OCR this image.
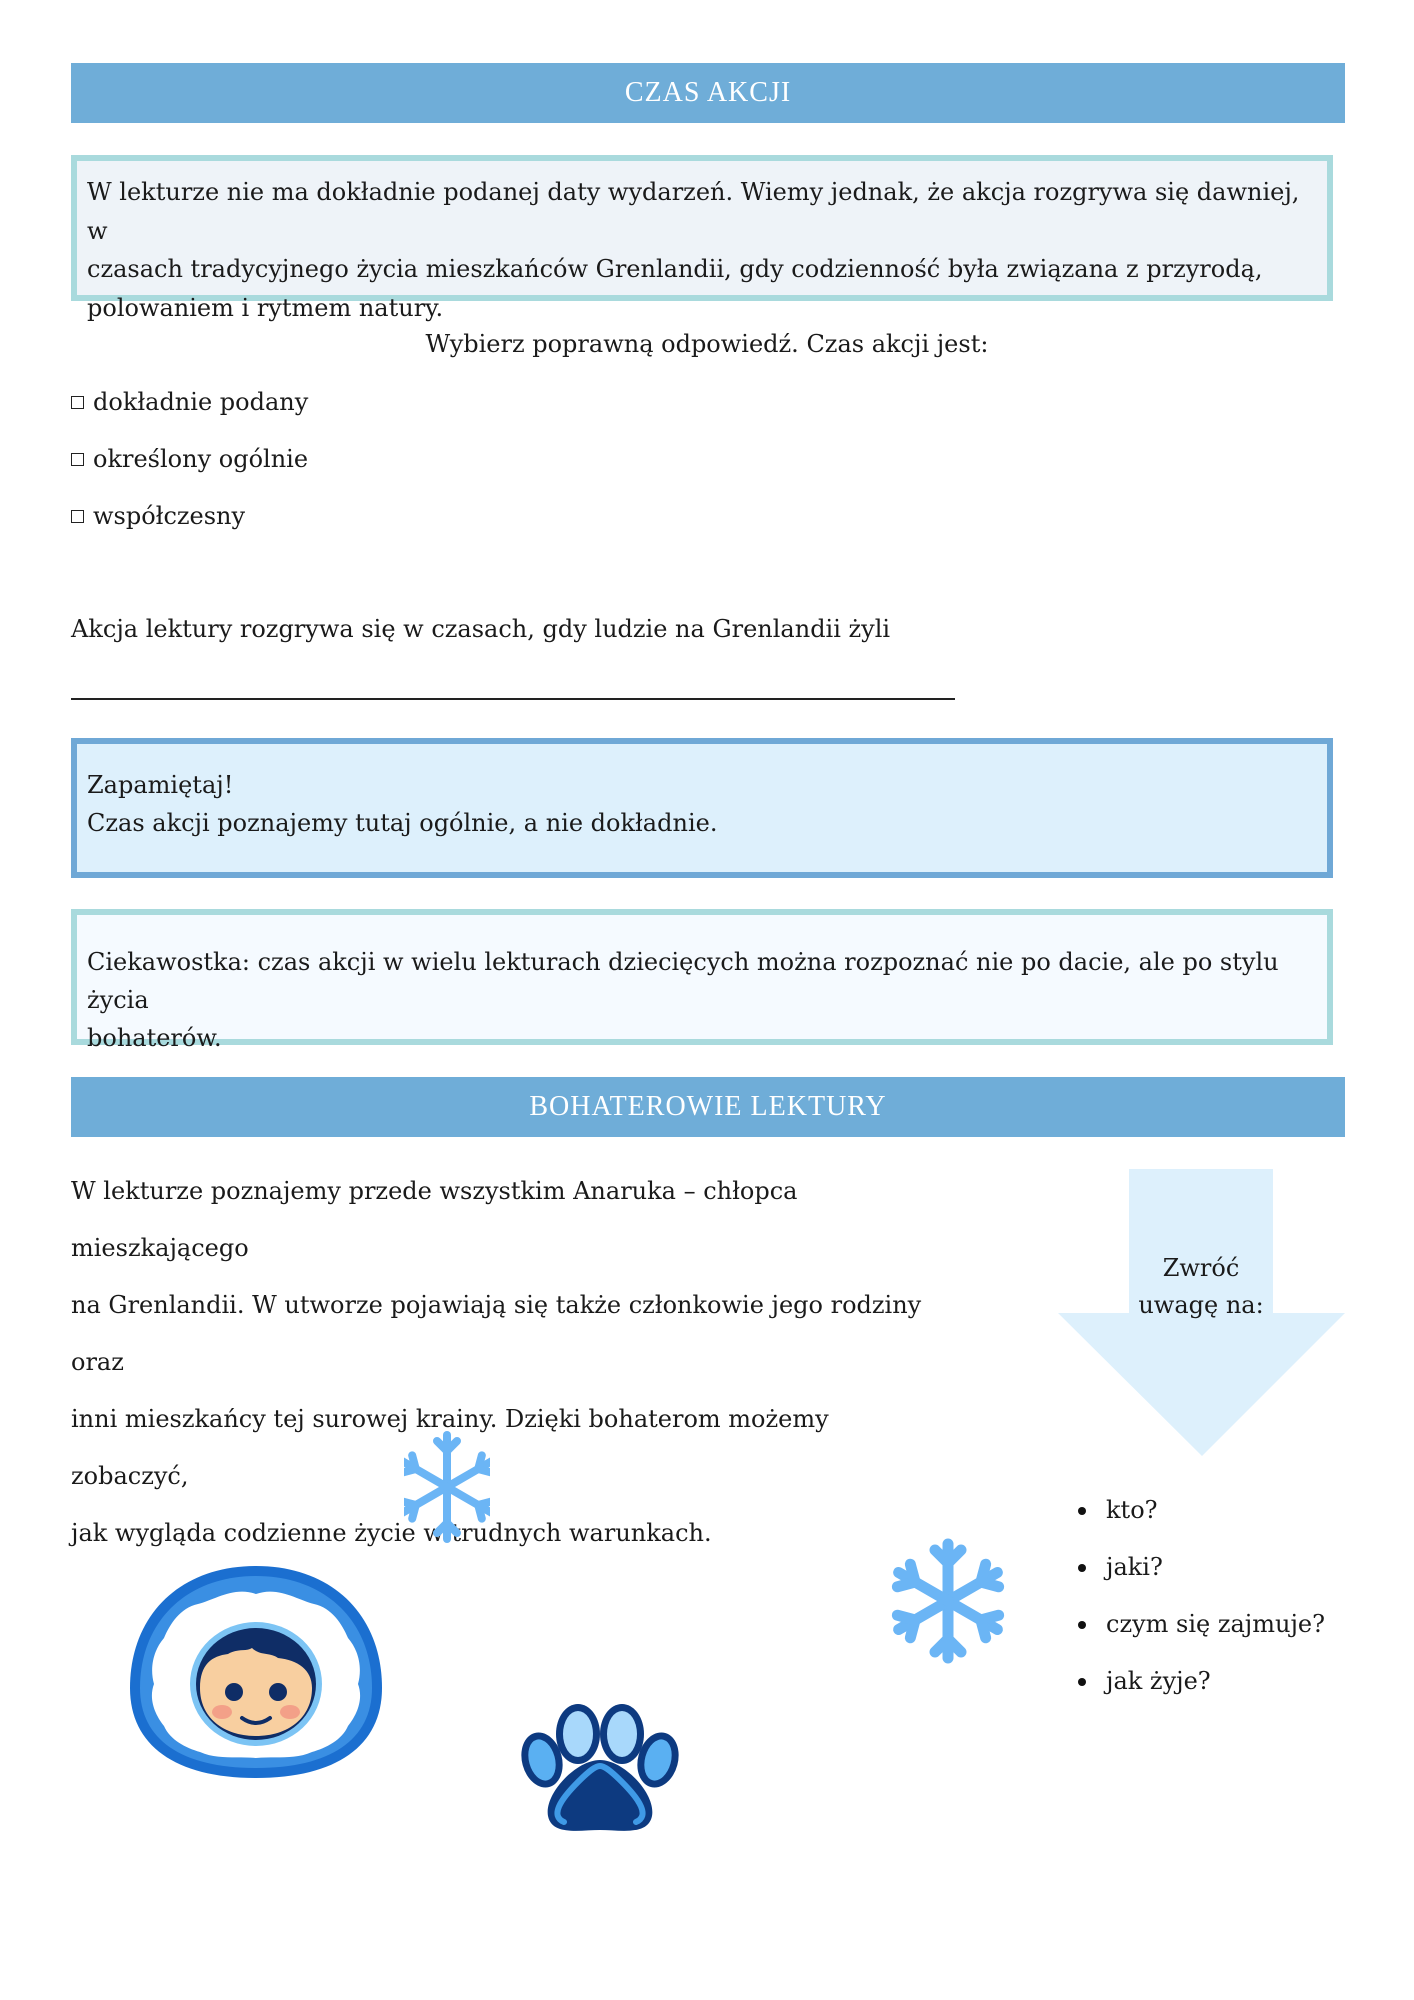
CZAS AKCJI
W lekturze nie ma dokładnie podanej daty wydarzeń. Wiemy jednak, że akcja rozgrywa się dawniej, w
czasach tradycyjnego życia mieszkańców Grenlandii, gdy codzienność była związana z przyrodą,
polowaniem i rytmem natury.
Wybierz poprawną odpowiedź. Czas akcji jest:
dokładnie podany
określony ogólnie
współczesny
Akcja lektury rozgrywa się w czasach, gdy ludzie na Grenlandii żyli
Zapamiętaj!
Czas akcji poznajemy tutaj ogólnie, a nie dokładnie.
Ciekawostka: czas akcji w wielu lekturach dziecięcych można rozpoznać nie po dacie, ale po stylu życia
bohaterów.
BOHATEROWIE LEKTURY
W lekturze poznajemy przede wszystkim Anaruka – chłopca mieszkającego
na Grenlandii. W utworze pojawiają się także członkowie jego rodziny oraz
inni mieszkańcy tej surowej krainy. Dzięki bohaterom możemy zobaczyć,
jak wygląda codzienne życie w trudnych warunkach.
Zwróć
uwagę na:
kto?
jaki?
czym się zajmuje?
jak żyje?
